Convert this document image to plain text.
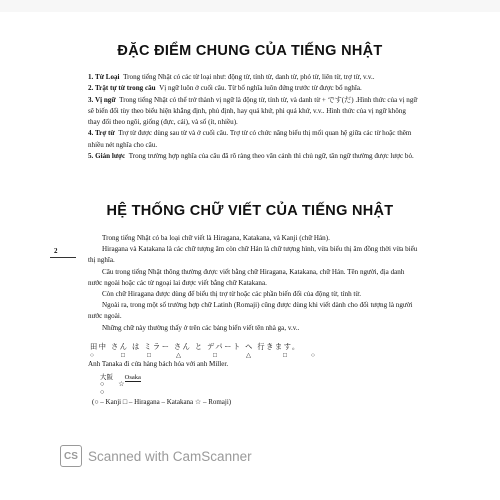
ĐẶC ĐIỂM CHUNG CỦA TIẾNG NHẬT

1. Từ Loại Trong tiếng Nhật có các từ loại như: động từ, tính từ, danh từ, phó từ, liên từ, trợ từ, v.v..

2. Trật tự từ trong câu Vị ngữ luôn ở cuối câu. Từ bổ nghĩa luôn đứng trước từ được bổ nghĩa.

3. Vị ngữ Trong tiếng Nhật có thể trở thành vị ngữ là động từ, tính từ, và danh từ + です(だ) .Hình thức của vị ngữ sẽ biến đổi tùy theo biểu hiện khẳng định, phủ định, hay quá khứ, phi quá khứ, v.v.. Hình thức của vị ngữ không thay đổi theo ngôi, giống (đực, cái), và số (ít, nhiều).

4. Trợ từ Trợ từ được dùng sau từ và ở cuối câu. Trợ từ có chức năng biểu thị mối quan hệ giữa các từ hoặc thêm nhiều nét nghĩa cho câu.

5. Giản lược Trong trường hợp nghĩa của câu đã rõ ràng theo văn cảnh thì chủ ngữ, tân ngữ thường được lược bỏ.

HỆ THỐNG CHỮ VIẾT CỦA TIẾNG NHẬT
2

Trong tiếng Nhật có ba loại chữ viết là Hiragana, Katakana, và Kanji (chữ Hán).

Hiragana và Katakana là các chữ tượng âm còn chữ Hán là chữ tượng hình, vừa biểu thị âm đồng thời vừa biểu thị nghĩa.

Câu trong tiếng Nhật thông thường được viết bằng chữ Hiragana, Katakana, chữ Hán. Tên người, địa danh nước ngoài hoặc các từ ngoại lai được viết bằng chữ Katakana.

Còn chữ Hiragana được dùng để biểu thị trợ từ hoặc các phần biến đổi của động từ, tính từ.

Ngoài ra, trong một số trường hợp chữ Latinh (Romaji) cũng được dùng khi viết dành cho đối tượng là người nước ngoài.

Những chữ này thường thấy ở trên các bảng biển viết tên nhà ga, v.v..

田中 さん は ミラー さん と デパート へ 行きます。
○	□	□	△	□	△	□	○
Anh Tanaka đi cửa hàng bách hóa với anh Miller.
大阪 Osaka
○ ☆
○
(○ – Kanji □ – Hiragana – Katakana ☆ – Romaji)
CS Scanned with CamScanner
